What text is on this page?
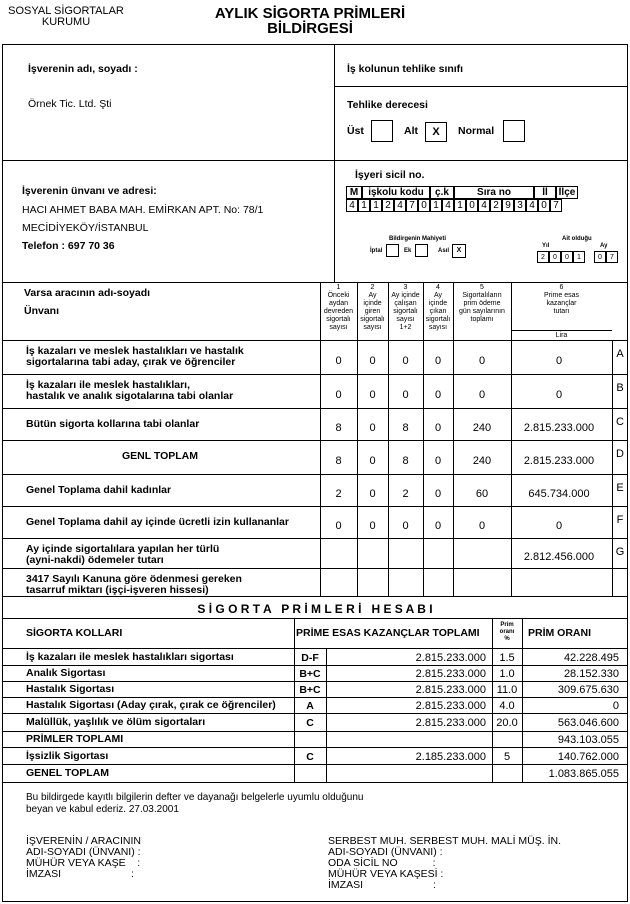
SOSYAL SİGORTALAR
KURUMU	AYLIK SİGORTA PRİMLERİ
BİLDİRGESİ
İşverenin adı, soyadı :
Örnek Tic. Ltd. Şti
İş kolunun tehlike sınıfı
Tehlike derecesi
Üst	Alt	X	Normal
İşverenin ünvanı ve adresi:
HACI AHMET BABA MAH. EMİRKAN APT. No: 78/1
MECİDİYEKÖY/İSTANBUL
Telefon : 697 70 36
İşyeri sicil no.
M	işkolu kodu	ç.k	Sıra no	İl	İlçe
4 1 1 2 4 7 0 1 4 1 0 4 2 9 3 4 0 7
Bildirgenin Mahiyeti
İptal	Ek	Asıl	X
Ait olduğu
Yıl	Ay
2	0	0	1	0	7
Varsa aracının adı-soyadı
Ünvanı
1
Önceki
aydan
devreden
sigortalı
sayısı
2
Ay
içinde
giren
sigortalı
sayısı
3
Ay içinde
çalışan
sigortalı
sayısı
1+2
4
Ay
içinde
çıkan
sigortalı
sayısı
5
Sigortalıların
prim ödeme
gün sayılarının
toplamı
6
Prime esas
kazançlar
tutarı
Lira
İş kazaları ve meslek hastalıkları ve hastalık
sigortalarına tabi aday, çırak ve öğrenciler	0	0	0	0	0	0
A
İş kazaları ile meslek hastalıkları,
hastalık ve analık sigotalarına tabi olanlar	0	0	0	0	0	0
B
Bütün sigorta kollarına tabi olanlar	8	0	8	0	240	2.815.233.000	C
GENL TOPLAM	8	0	8	0	240	2.815.233.000
D
Genel Toplama dahil kadınlar	2	0	2	0	60	645.734.000	E
Genel Toplama dahil ay içinde ücretli izin kullananlar	0	0	0	0	0	0	F
Ay içinde sigortalılara yapılan her türlü
(ayni-nakdi) ödemeler tutarı	2.812.456.000	G
3417 Sayılı Kanuna göre ödenmesi gereken
tasarruf miktarı (işçi-işveren hissesi)
S İ G O R T A   P R İ M L E R İ   H E S A B I
SİGORTA KOLLARI	PRİME ESAS KAZANÇLAR TOPLAMI
Prim
oranı
%	PRİM ORANI
İş kazaları ile meslek hastalıkları sigortası	D-F	2.815.233.000	1.5	42.228.495
Analık Sigortası	B+C	2.815.233.000	1.0	28.152.330
Hastalık Sigortası	B+C	2.815.233.000 11.0	309.675.630
Hastalık Sigortası (Aday çırak, çırak ce öğrenciler)	A	2.815.233.000	4.0	0
Malüllük, yaşlılık ve ölüm sigortaları	C	2.815.233.000 20.0	563.046.600
PRİMLER TOPLAMI	943.103.055
İşsizlik Sigortası	C	2.185.233.000	5	140.762.000
GENEL TOPLAM	1.083.865.055
Bu bildirgede kayıtlı bilgilerin defter ve dayanağı belgelerle uyumlu olduğunu
beyan ve kabul ederiz. 27.03.2001
İŞVERENİN / ARACININ
ADI-SOYADI (ÜNVANI) :
MÜHÜR VEYA KAŞE    :
İMZASI                        :
SERBEST MUH. SERBEST MUH. MALİ MÜŞ. İN.
ADI-SOYADI (ÜNVANI) :
ODA SİCİL NO            :
MÜHÜR VEYA KAŞESİ :
İMZASI                        :
